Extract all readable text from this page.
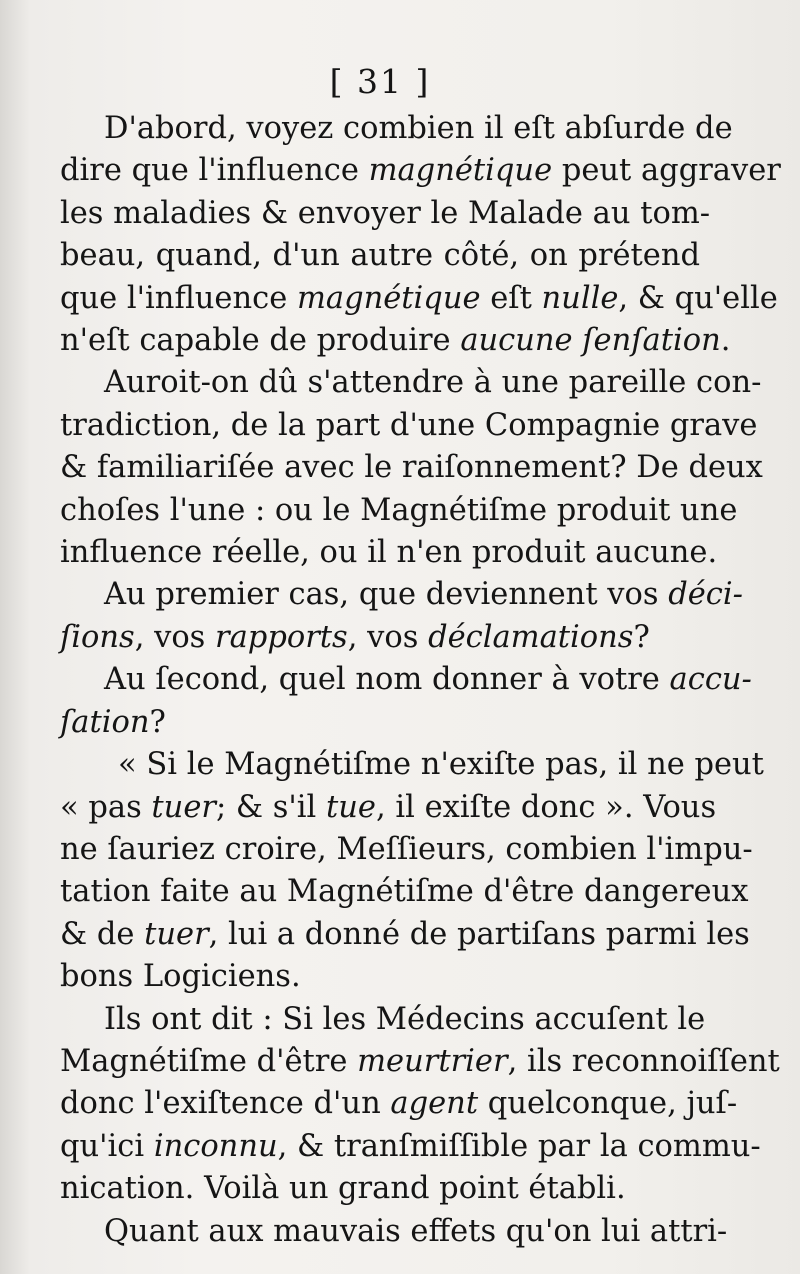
[ 31 ]
D'abord, voyez combien il eſt abſurde de
dire que l'influence magnétique peut aggraver
les maladies & envoyer le Malade au tom-
beau, quand, d'un autre côté, on prétend
que l'influence magnétique eſt nulle, & qu'elle
n'eſt capable de produire aucune ſenſation.
Auroit-on dû s'attendre à une pareille con-
tradiction, de la part d'une Compagnie grave
& familiariſée avec le raiſonnement? De deux
choſes l'une : ou le Magnétiſme produit une
influence réelle, ou il n'en produit aucune.
Au premier cas, que deviennent vos déci-
ſions, vos rapports, vos déclamations?
Au ſecond, quel nom donner à votre accu-
ſation?
« Si le Magnétiſme n'exiſte pas, il ne peut
« pas tuer; & s'il tue, il exiſte donc ». Vous
ne ſauriez croire, Meſſieurs, combien l'impu-
tation faite au Magnétiſme d'être dangereux
& de tuer, lui a donné de partiſans parmi les
bons Logiciens.
Ils ont dit : Si les Médecins accuſent le
Magnétiſme d'être meurtrier, ils reconnoiſſent
donc l'exiſtence d'un agent quelconque, juſ-
qu'ici inconnu, & tranſmiſſible par la commu-
nication. Voilà un grand point établi.
Quant aux mauvais effets qu'on lui attri-
